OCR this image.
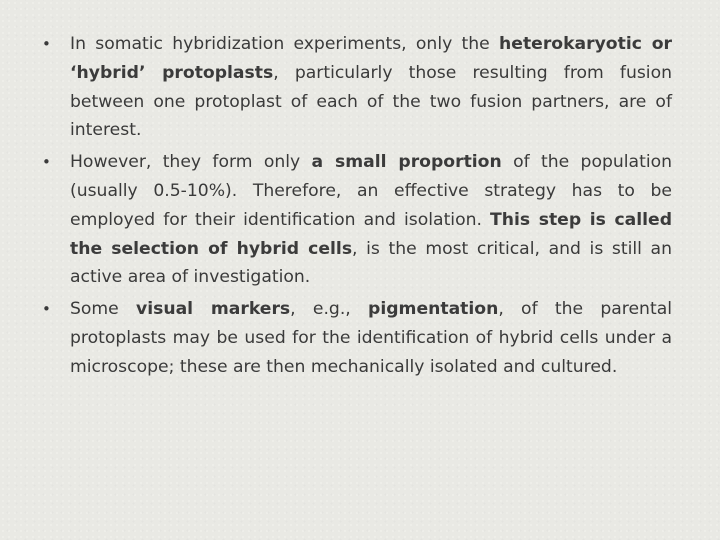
• In somatic hybridization experiments, only the heterokaryotic or ‘hybrid’ protoplasts, particularly those resulting from fusion between one protoplast of each of the two fusion partners, are of interest.
• However, they form only a small proportion of the population (usually 0.5-10%). Therefore, an effective strategy has to be employed for their identification and isolation. This step is called the selection of hybrid cells, is the most critical, and is still an active area of investigation.
• Some visual markers, e.g., pigmentation, of the parental protoplasts may be used for the identification of hybrid cells under a microscope; these are then mechanically isolated and cultured.
